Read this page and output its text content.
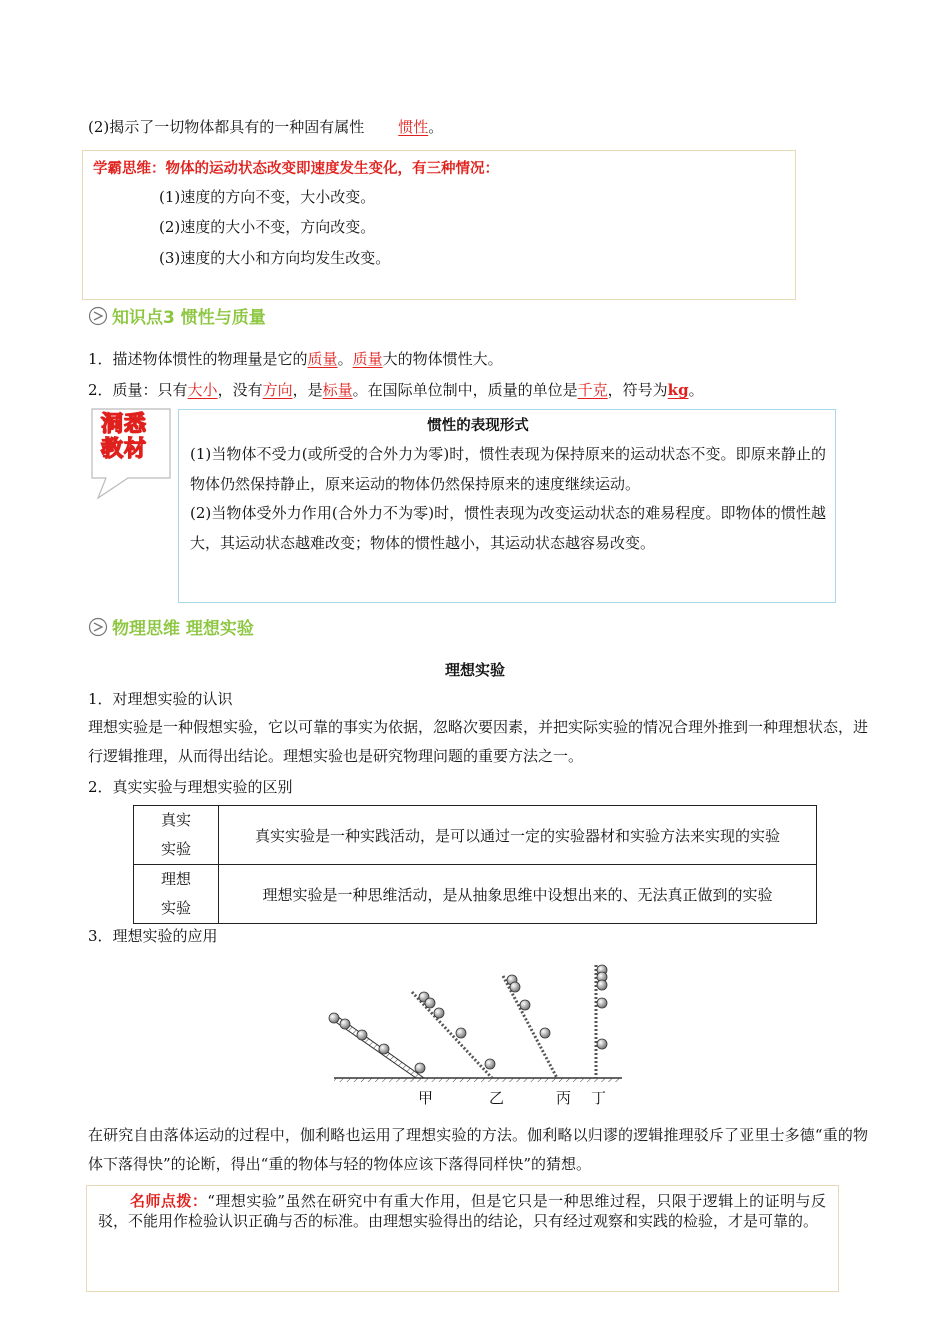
(2)揭示了一切物体都具有的一种固有属性 惯性。
学霸思维：物体的运动状态改变即速度发生变化，有三种情况：
(1)速度的方向不变，大小改变。
(2)速度的大小不变，方向改变。
(3)速度的大小和方向均发生改变。
知识点3 惯性与质量
1．描述物体惯性的物理量是它的质量。质量大的物体惯性大。
2．质量：只有大小，没有方向，是标量。在国际单位制中，质量的单位是千克，符号为kg。
洞悉
教材
惯性的表现形式
(1)当物体不受力(或所受的合外力为零)时，惯性表现为保持原来的运动状态不变。即原来静止的物体仍然保持静止，原来运动的物体仍然保持原来的速度继续运动。
(2)当物体受外力作用(合外力不为零)时，惯性表现为改变运动状态的难易程度。即物体的惯性越大，其运动状态越难改变；物体的惯性越小，其运动状态越容易改变。
物理思维 理想实验
理想实验
1．对理想实验的认识
理想实验是一种假想实验，它以可靠的事实为依据，忽略次要因素，并把实际实验的情况合理外推到一种理想状态，进行逻辑推理，从而得出结论。理想实验也是研究物理问题的重要方法之一。
2．真实实验与理想实验的区别
真实
实验	真实实验是一种实践活动，是可以通过一定的实验器材和实验方法来实现的实验

理想
实验	理想实验是一种思维活动，是从抽象思维中设想出来的、无法真正做到的实验
3．理想实验的应用
甲	乙	丙 丁
在研究自由落体运动的过程中，伽利略也运用了理想实验的方法。伽利略以归谬的逻辑推理驳斥了亚里士多德“重的物体下落得快”的论断，得出“重的物体与轻的物体应该下落得同样快”的猜想。
名师点拨：“理想实验”虽然在研究中有重大作用，但是它只是一种思维过程，只限于逻辑上的证明与反驳，不能用作检验认识正确与否的标准。由理想实验得出的结论，只有经过观察和实践的检验，才是可靠的。
